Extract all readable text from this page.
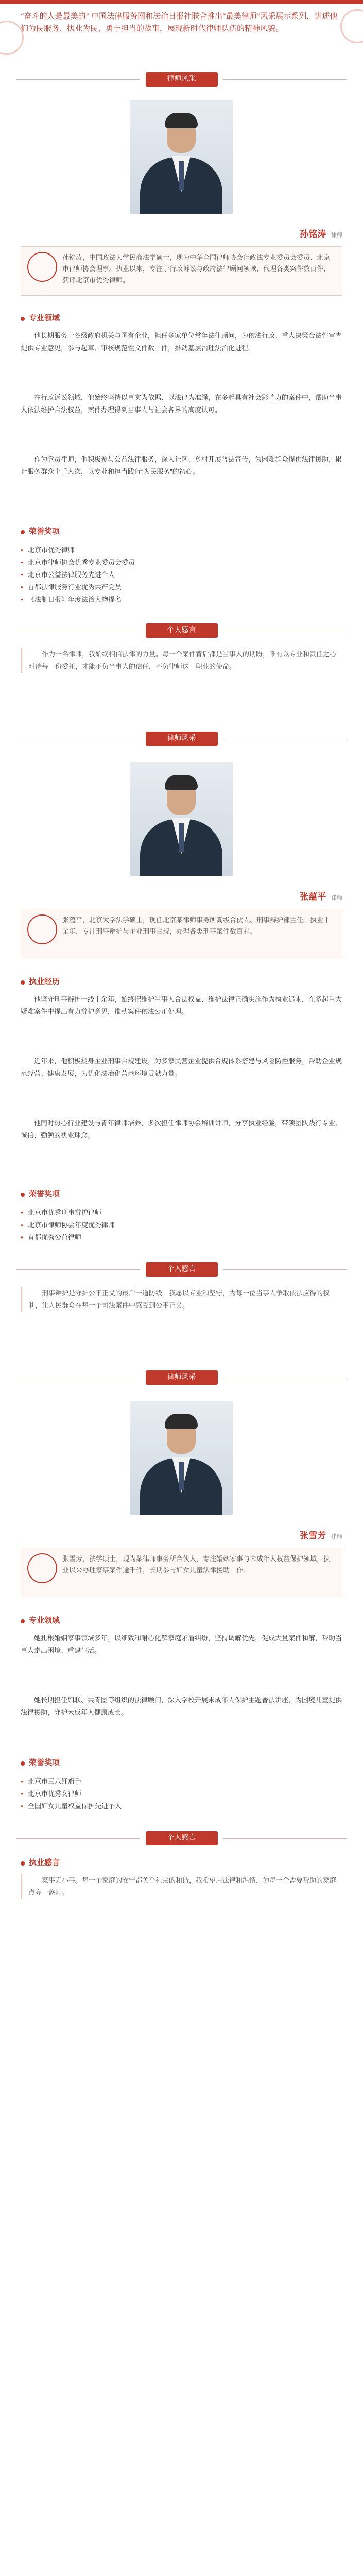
“奋斗的人是最美的” 中国法律服务网和法治日报社联合推出“最美律师”风采展示系列，讲述他们为民服务、执业为民、勇于担当的故事，展现新时代律师队伍的精神风貌。
律师风采
孙铭涛 律师
孙铭涛，中国政法大学民商法学硕士，现为中华全国律师协会行政法专业委员会委员、北京市律师协会理事。执业以来，专注于行政诉讼与政府法律顾问领域，代理各类案件数百件，获评北京市优秀律师。
专业领域
他长期服务于各级政府机关与国有企业，担任多家单位常年法律顾问，为依法行政、重大决策合法性审查提供专业意见，参与起草、审核规范性文件数十件，推动基层治理法治化进程。
在行政诉讼领域，他始终坚持以事实为依据、以法律为准绳，在多起具有社会影响力的案件中，帮助当事人依法维护合法权益，案件办理得到当事人与社会各界的高度认可。
作为党员律师，他积极参与公益法律服务，深入社区、乡村开展普法宣传，为困难群众提供法律援助，累计服务群众上千人次，以专业和担当践行“为民服务”的初心。
荣誉奖项
• 北京市优秀律师
• 北京市律师协会优秀专业委员会委员
• 北京市公益法律服务先进个人
• 首都法律服务行业优秀共产党员
• 《法制日报》年度法治人物提名
个人感言
作为一名律师，我始终相信法律的力量。每一个案件背后都是当事人的期盼，唯有以专业和责任之心对待每一份委托，才能不负当事人的信任，不负律师这一职业的使命。
律师风采
张蕴平 律师
张蕴平，北京大学法学硕士，现任北京某律师事务所高级合伙人、刑事辩护部主任。执业十余年，专注刑事辩护与企业刑事合规，办理各类刑事案件数百起。
执业经历
他坚守刑事辩护一线十余年，始终把维护当事人合法权益、维护法律正确实施作为执业追求，在多起重大疑难案件中提出有力辩护意见，推动案件依法公正处理。
近年来，他积极投身企业刑事合规建设，为多家民营企业提供合规体系搭建与风险防控服务，帮助企业规范经营、健康发展，为优化法治化营商环境贡献力量。
他同时热心行业建设与青年律师培养，多次担任律师协会培训讲师，分享执业经验，带领团队践行专业、诚信、勤勉的执业理念。
荣誉奖项
• 北京市优秀刑事辩护律师
• 北京市律师协会年度优秀律师
• 首都优秀公益律师
个人感言
刑事辩护是守护公平正义的最后一道防线。我愿以专业和坚守，为每一位当事人争取依法应得的权利，让人民群众在每一个司法案件中感受到公平正义。
律师风采
张雪芳 律师
张雪芳，法学硕士，现为某律师事务所合伙人，专注婚姻家事与未成年人权益保护领域，执业以来办理家事案件逾千件，长期参与妇女儿童法律援助工作。
专业领域
她扎根婚姻家事领域多年，以细致和耐心化解家庭矛盾纠纷，坚持调解优先，促成大量案件和解，帮助当事人走出困境、重建生活。
她长期担任妇联、共青团等组织的法律顾问，深入学校开展未成年人保护主题普法讲座，为困境儿童提供法律援助，守护未成年人健康成长。
荣誉奖项
• 北京市三八红旗手
• 北京市优秀女律师
• 全国妇女儿童权益保护先进个人
个人感言
执业感言
家事无小事。每一个家庭的安宁都关乎社会的和谐，我希望用法律和温情，为每一个需要帮助的家庭点亮一盏灯。
